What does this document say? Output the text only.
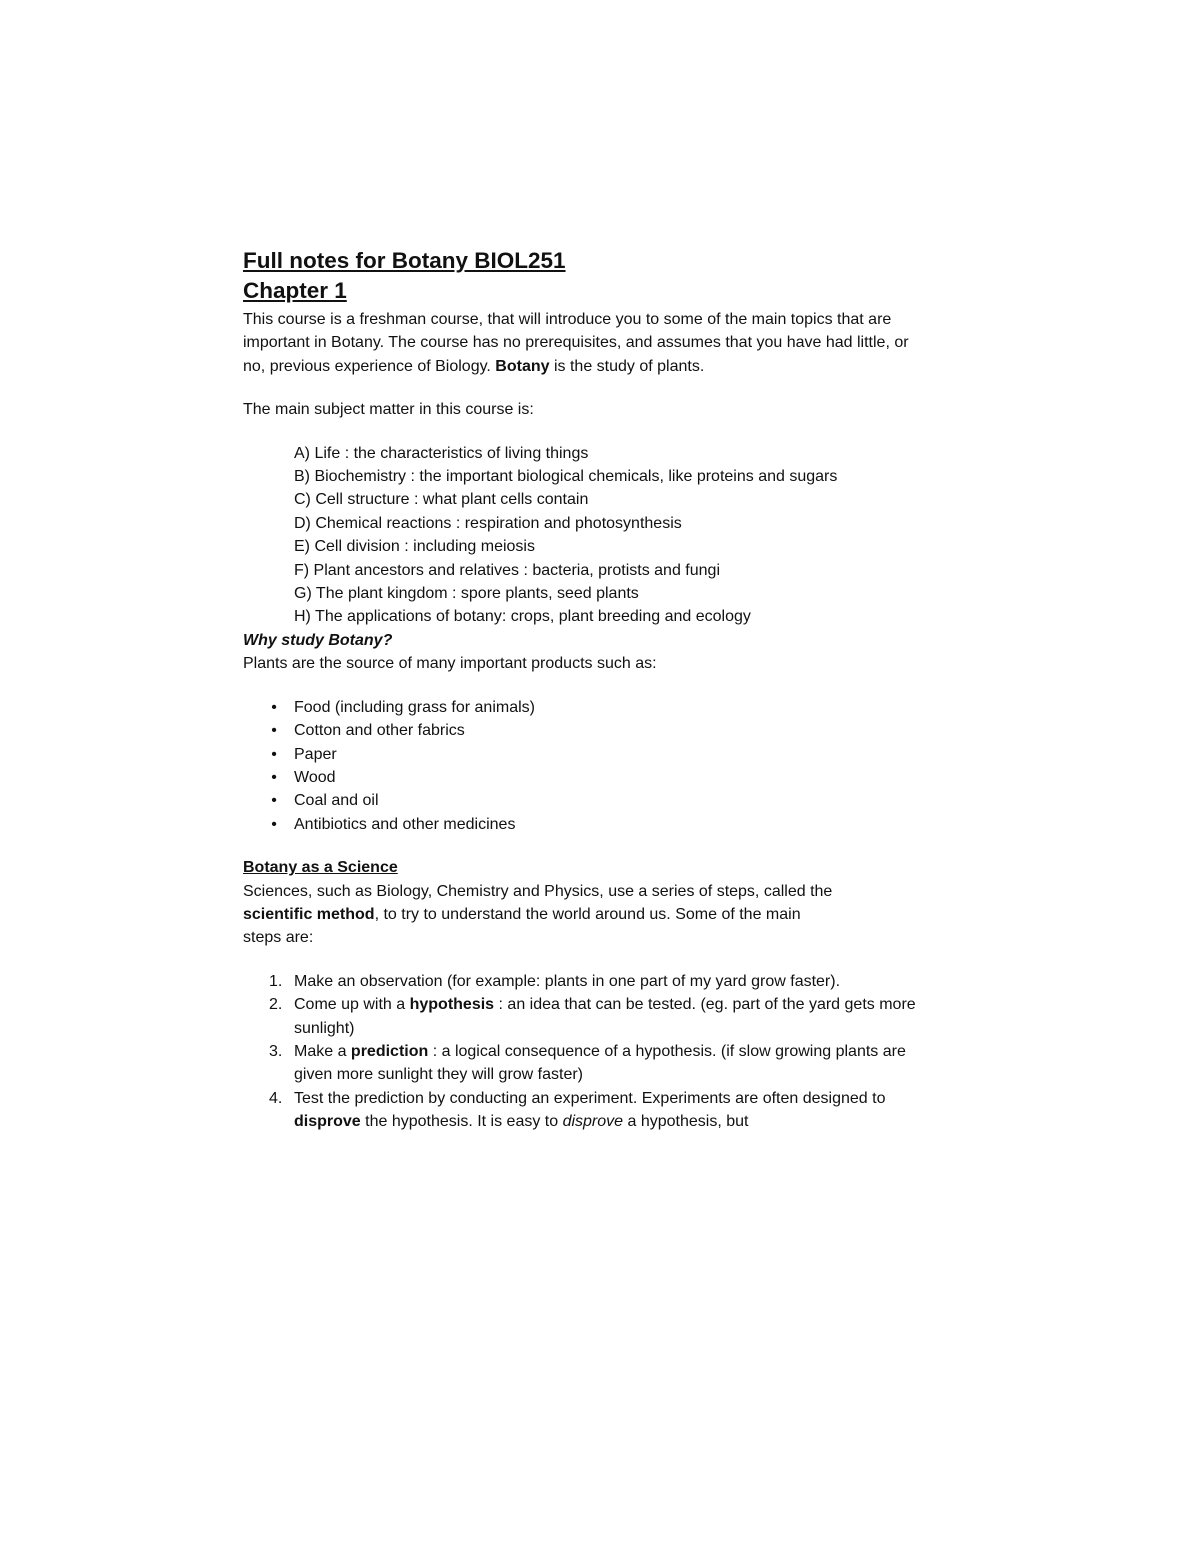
Full notes for Botany BIOL251
Chapter 1

This course is a freshman course, that will introduce you to some of the main topics that are important in Botany. The course has no prerequisites, and assumes that you have had little, or no, previous experience of Biology. Botany is the study of plants.

The main subject matter in this course is:

A) Life : the characteristics of living things
B) Biochemistry : the important biological chemicals, like proteins and sugars
C) Cell structure : what plant cells contain
D) Chemical reactions : respiration and photosynthesis
E) Cell division : including meiosis
F) Plant ancestors and relatives : bacteria, protists and fungi
G) The plant kingdom : spore plants, seed plants
H) The applications of botany: crops, plant breeding and ecology

Why study Botany?

Plants are the source of many important products such as:

• Food (including grass for animals)
• Cotton and other fabrics
• Paper
• Wood
• Coal and oil
• Antibiotics and other medicines

Botany as a Science

Sciences, such as Biology, Chemistry and Physics, use a series of steps, called the scientific method, to try to understand the world around us. Some of the main steps are:

1. Make an observation (for example: plants in one part of my yard grow faster).
2. Come up with a hypothesis : an idea that can be tested. (eg. part of the yard gets more sunlight)
3. Make a prediction : a logical consequence of a hypothesis. (if slow growing plants are given more sunlight they will grow faster)
4. Test the prediction by conducting an experiment. Experiments are often designed to disprove the hypothesis. It is easy to disprove a hypothesis, but
